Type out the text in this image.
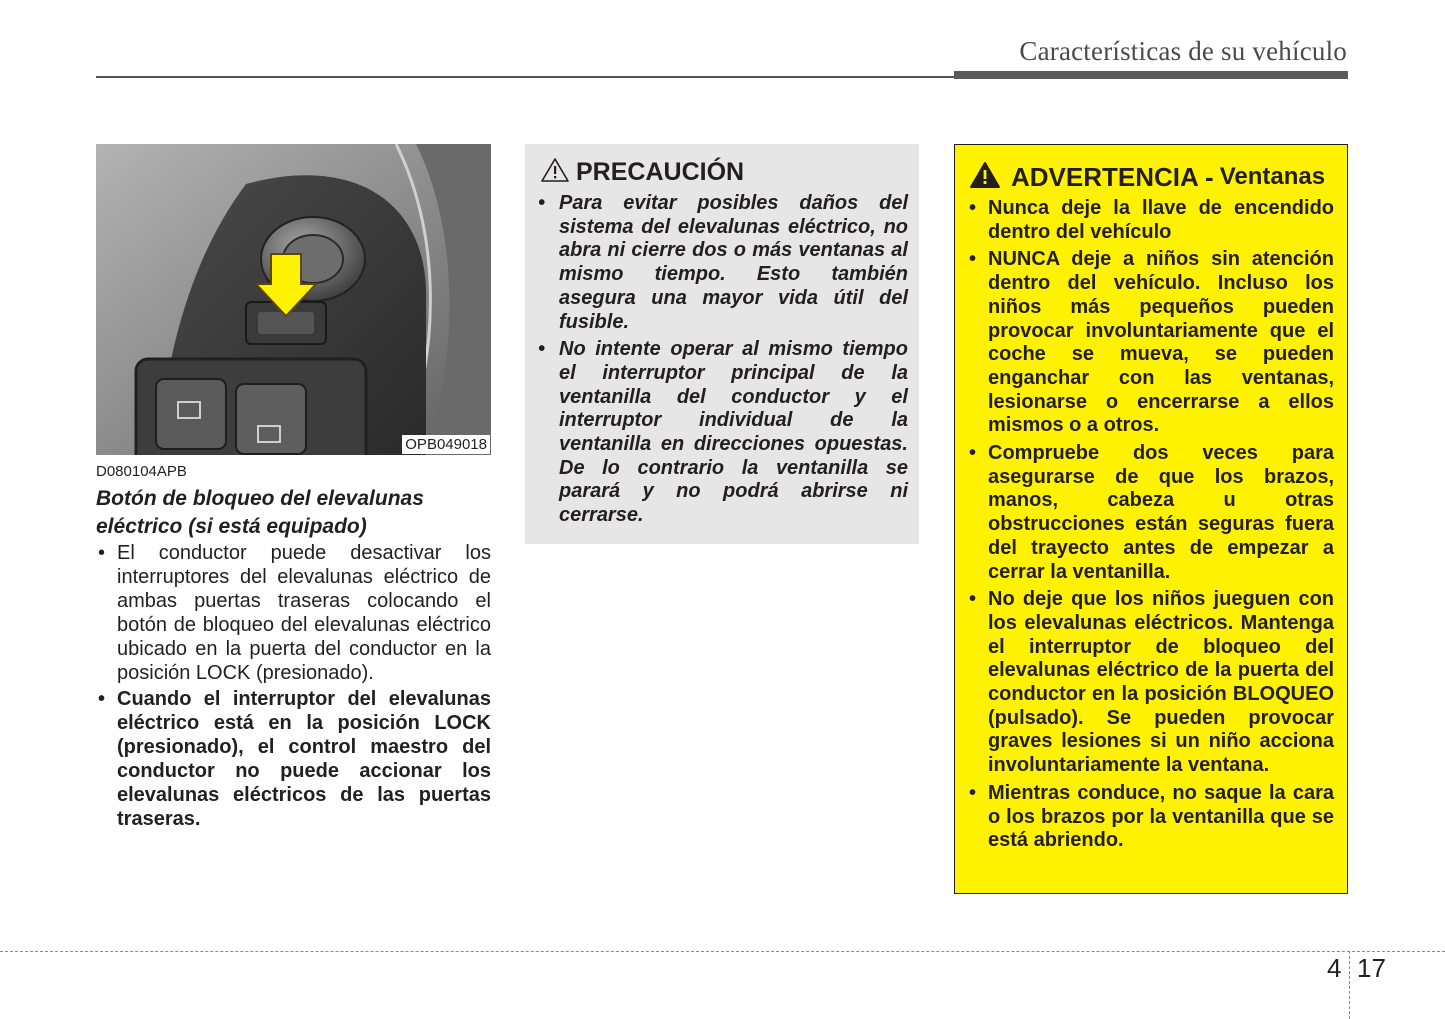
Características de su vehículo
OPB049018
D080104APB
Botón de bloqueo del elevalunas eléctrico (si está equipado)
• El conductor puede desactivar los interruptores del elevalunas eléctrico de ambas puertas traseras colocando el botón de bloqueo del elevalunas eléctrico ubicado en la puerta del conductor en la posición LOCK (presionado).
• Cuando el interruptor del elevalunas eléctrico está en la posición LOCK (presionado), el control maestro del conductor no puede accionar los elevalunas eléctricos de las puertas traseras.
PRECAUCIÓN
• Para evitar posibles daños del sistema del elevalunas eléctrico, no abra ni cierre dos o más ventanas al mismo tiempo. Esto también asegura una mayor vida útil del fusible.
• No intente operar al mismo tiempo el interruptor principal de la ventanilla del conductor y el interruptor individual de la ventanilla en direcciones opuestas. De lo contrario la ventanilla se parará y no podrá abrirse ni cerrarse.
ADVERTENCIA - Ventanas
• Nunca deje la llave de encendido dentro del vehículo
• NUNCA deje a niños sin atención dentro del vehículo. Incluso los niños más pequeños pueden provocar involuntariamente que el coche se mueva, se pueden enganchar con las ventanas, lesionarse o encerrarse a ellos mismos o a otros.
• Compruebe dos veces para asegurarse de que los brazos, manos, cabeza u otras obstrucciones están seguras fuera del trayecto antes de empezar a cerrar la ventanilla.
• No deje que los niños jueguen con los elevalunas eléctricos. Mantenga el interruptor de bloqueo del elevalunas eléctrico de la puerta del conductor en la posición BLOQUEO (pulsado). Se pueden provocar graves lesiones si un niño acciona involuntariamente la ventana.
• Mientras conduce, no saque la cara o los brazos por la ventanilla que se está abriendo.
4 17
